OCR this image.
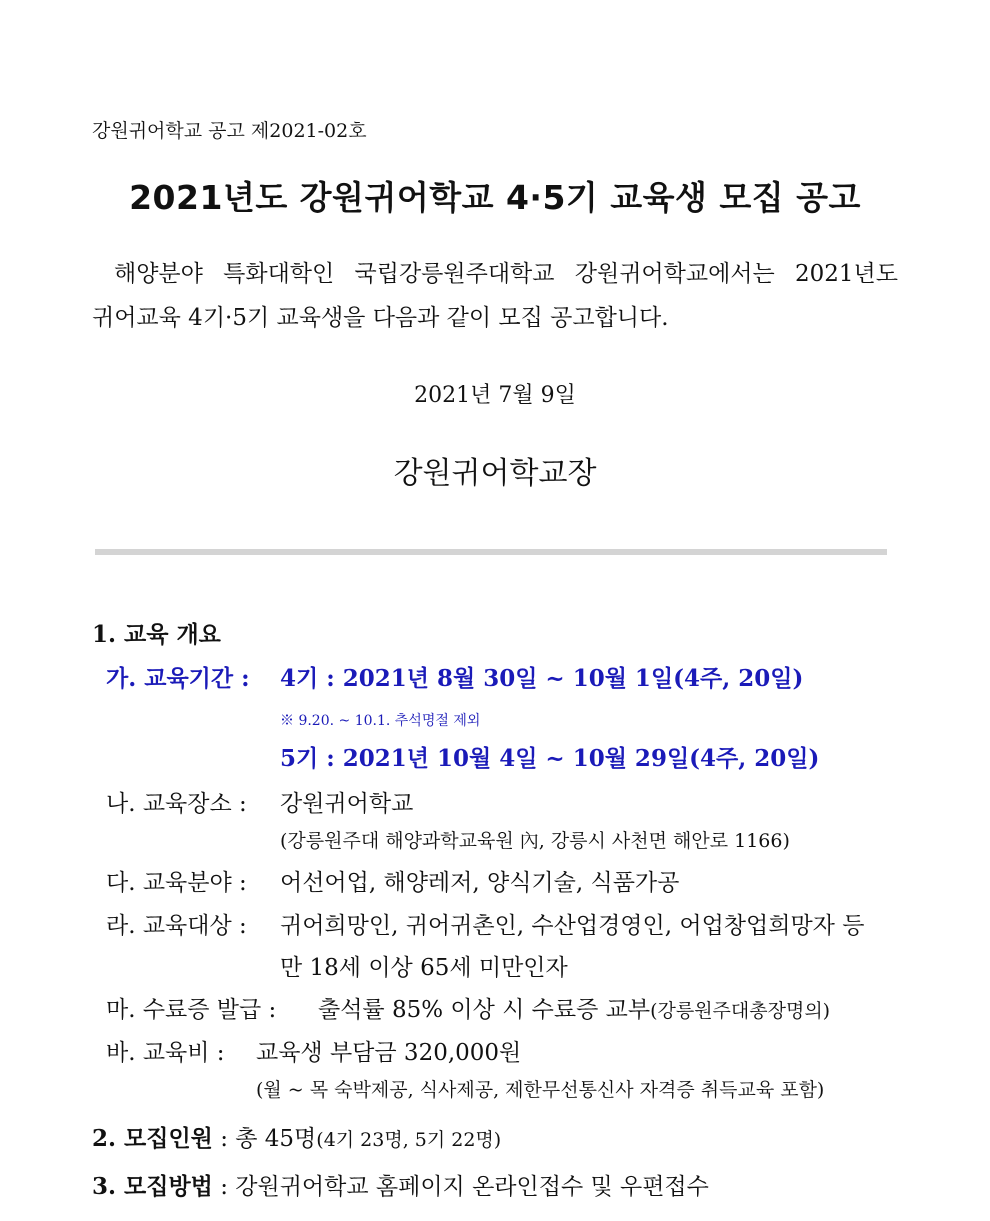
강원귀어학교 공고 제2021-02호
2021년도 강원귀어학교 4·5기 교육생 모집 공고
해양분야 특화대학인 국립강릉원주대학교 강원귀어학교에서는 2021년도
귀어교육 4기·5기 교육생을 다음과 같이 모집 공고합니다.
2021년 7월 9일
강원귀어학교장
1. 교육 개요
가. 교육기간 : 4기 : 2021년 8월 30일 ~ 10월 1일(4주, 20일)
※ 9.20. ~ 10.1. 추석명절 제외
5기 : 2021년 10월 4일 ~ 10월 29일(4주, 20일)
나. 교육장소 : 강원귀어학교
(강릉원주대 해양과학교육원 內, 강릉시 사천면 해안로 1166)
다. 교육분야 : 어선어업, 해양레저, 양식기술, 식품가공
라. 교육대상 : 귀어희망인, 귀어귀촌인, 수산업경영인, 어업창업희망자 등
만 18세 이상 65세 미만인자
마. 수료증 발급 : 출석률 85% 이상 시 수료증 교부(강릉원주대총장명의)
바. 교육비 : 교육생 부담금 320,000원
(월 ~ 목 숙박제공, 식사제공, 제한무선통신사 자격증 취득교육 포함)
2. 모집인원 : 총 45명(4기 23명, 5기 22명)
3. 모집방법 : 강원귀어학교 홈페이지 온라인접수 및 우편접수
